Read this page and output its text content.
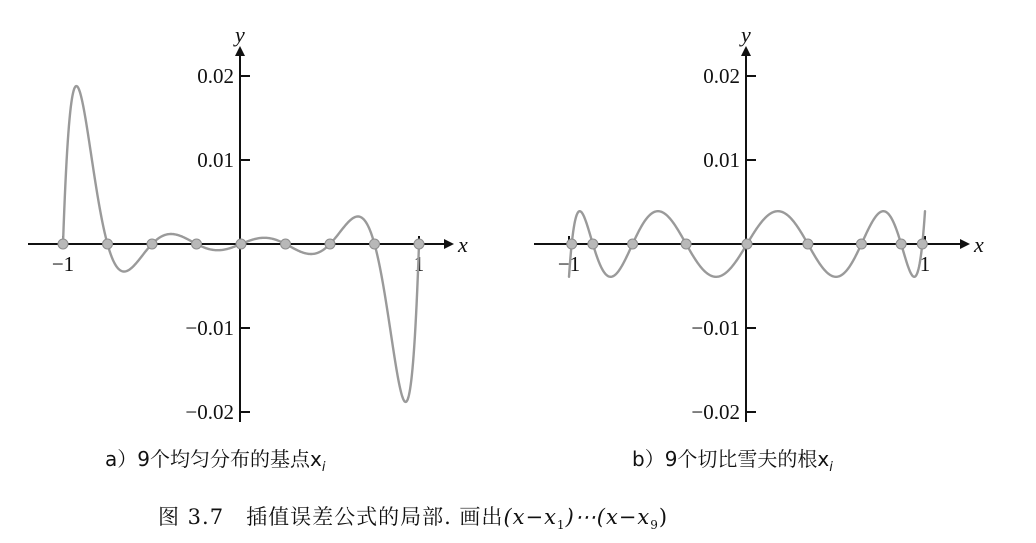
x
y
0.02
0.01
−0.01
−0.02
−1	1
a）9个均匀分布的基点$x_i$
x
y
0.02
0.01
−0.01
−0.02
−1	1
b）9个切比雪夫的根$x_i$
图 3.7 插值误差公式的局部. 画出$(x-x_1)\cdots(x-x_9)$
